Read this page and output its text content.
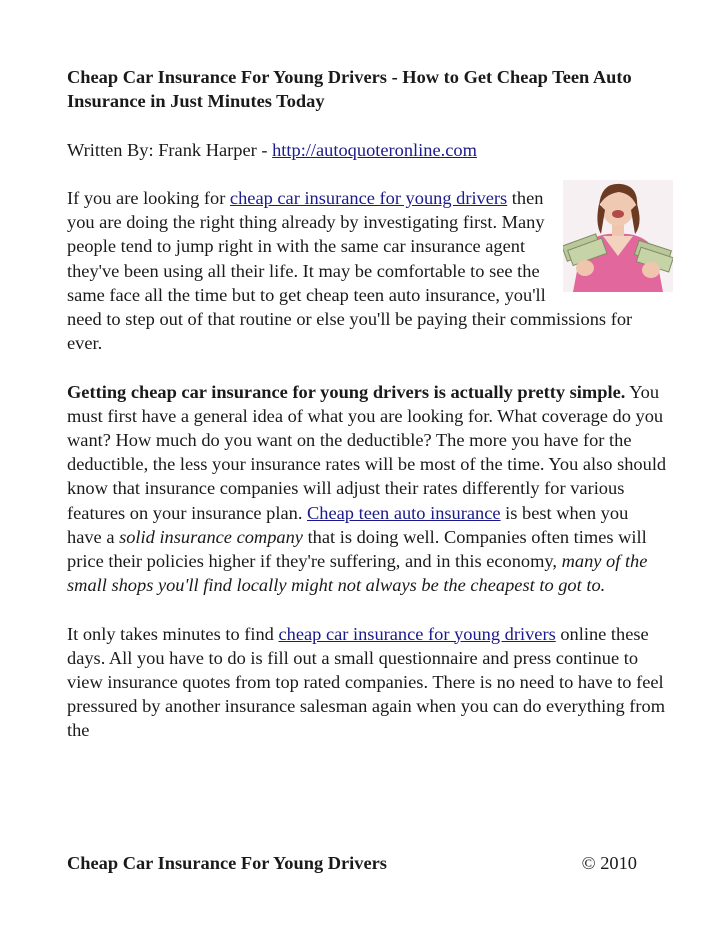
Cheap Car Insurance For Young Drivers - How to Get Cheap Teen Auto Insurance in Just Minutes Today

Written By: Frank Harper - http://autoquoteronline.com

If you are looking for cheap car insurance for young drivers then you are doing the right thing already by investigating first. Many people tend to jump right in with the same car insurance agent they've been using all their life. It may be comfortable to see the same face all the time but to get cheap teen auto insurance, you'll need to step out of that routine or else you'll be paying their commissions for ever.

Getting cheap car insurance for young drivers is actually pretty simple. You must first have a general idea of what you are looking for. What coverage do you want? How much do you want on the deductible? The more you have for the deductible, the less your insurance rates will be most of the time. You also should know that insurance companies will adjust their rates differently for various features on your insurance plan. Cheap teen auto insurance is best when you have a solid insurance company that is doing well. Companies often times will price their policies higher if they're suffering, and in this economy, many of the small shops you'll find locally might not always be the cheapest to got to.

It only takes minutes to find cheap car insurance for young drivers online these days. All you have to do is fill out a small questionnaire and press continue to view insurance quotes from top rated companies. There is no need to have to feel pressured by another insurance salesman again when you can do everything from the

Cheap Car Insurance For Young Drivers	© 2010
